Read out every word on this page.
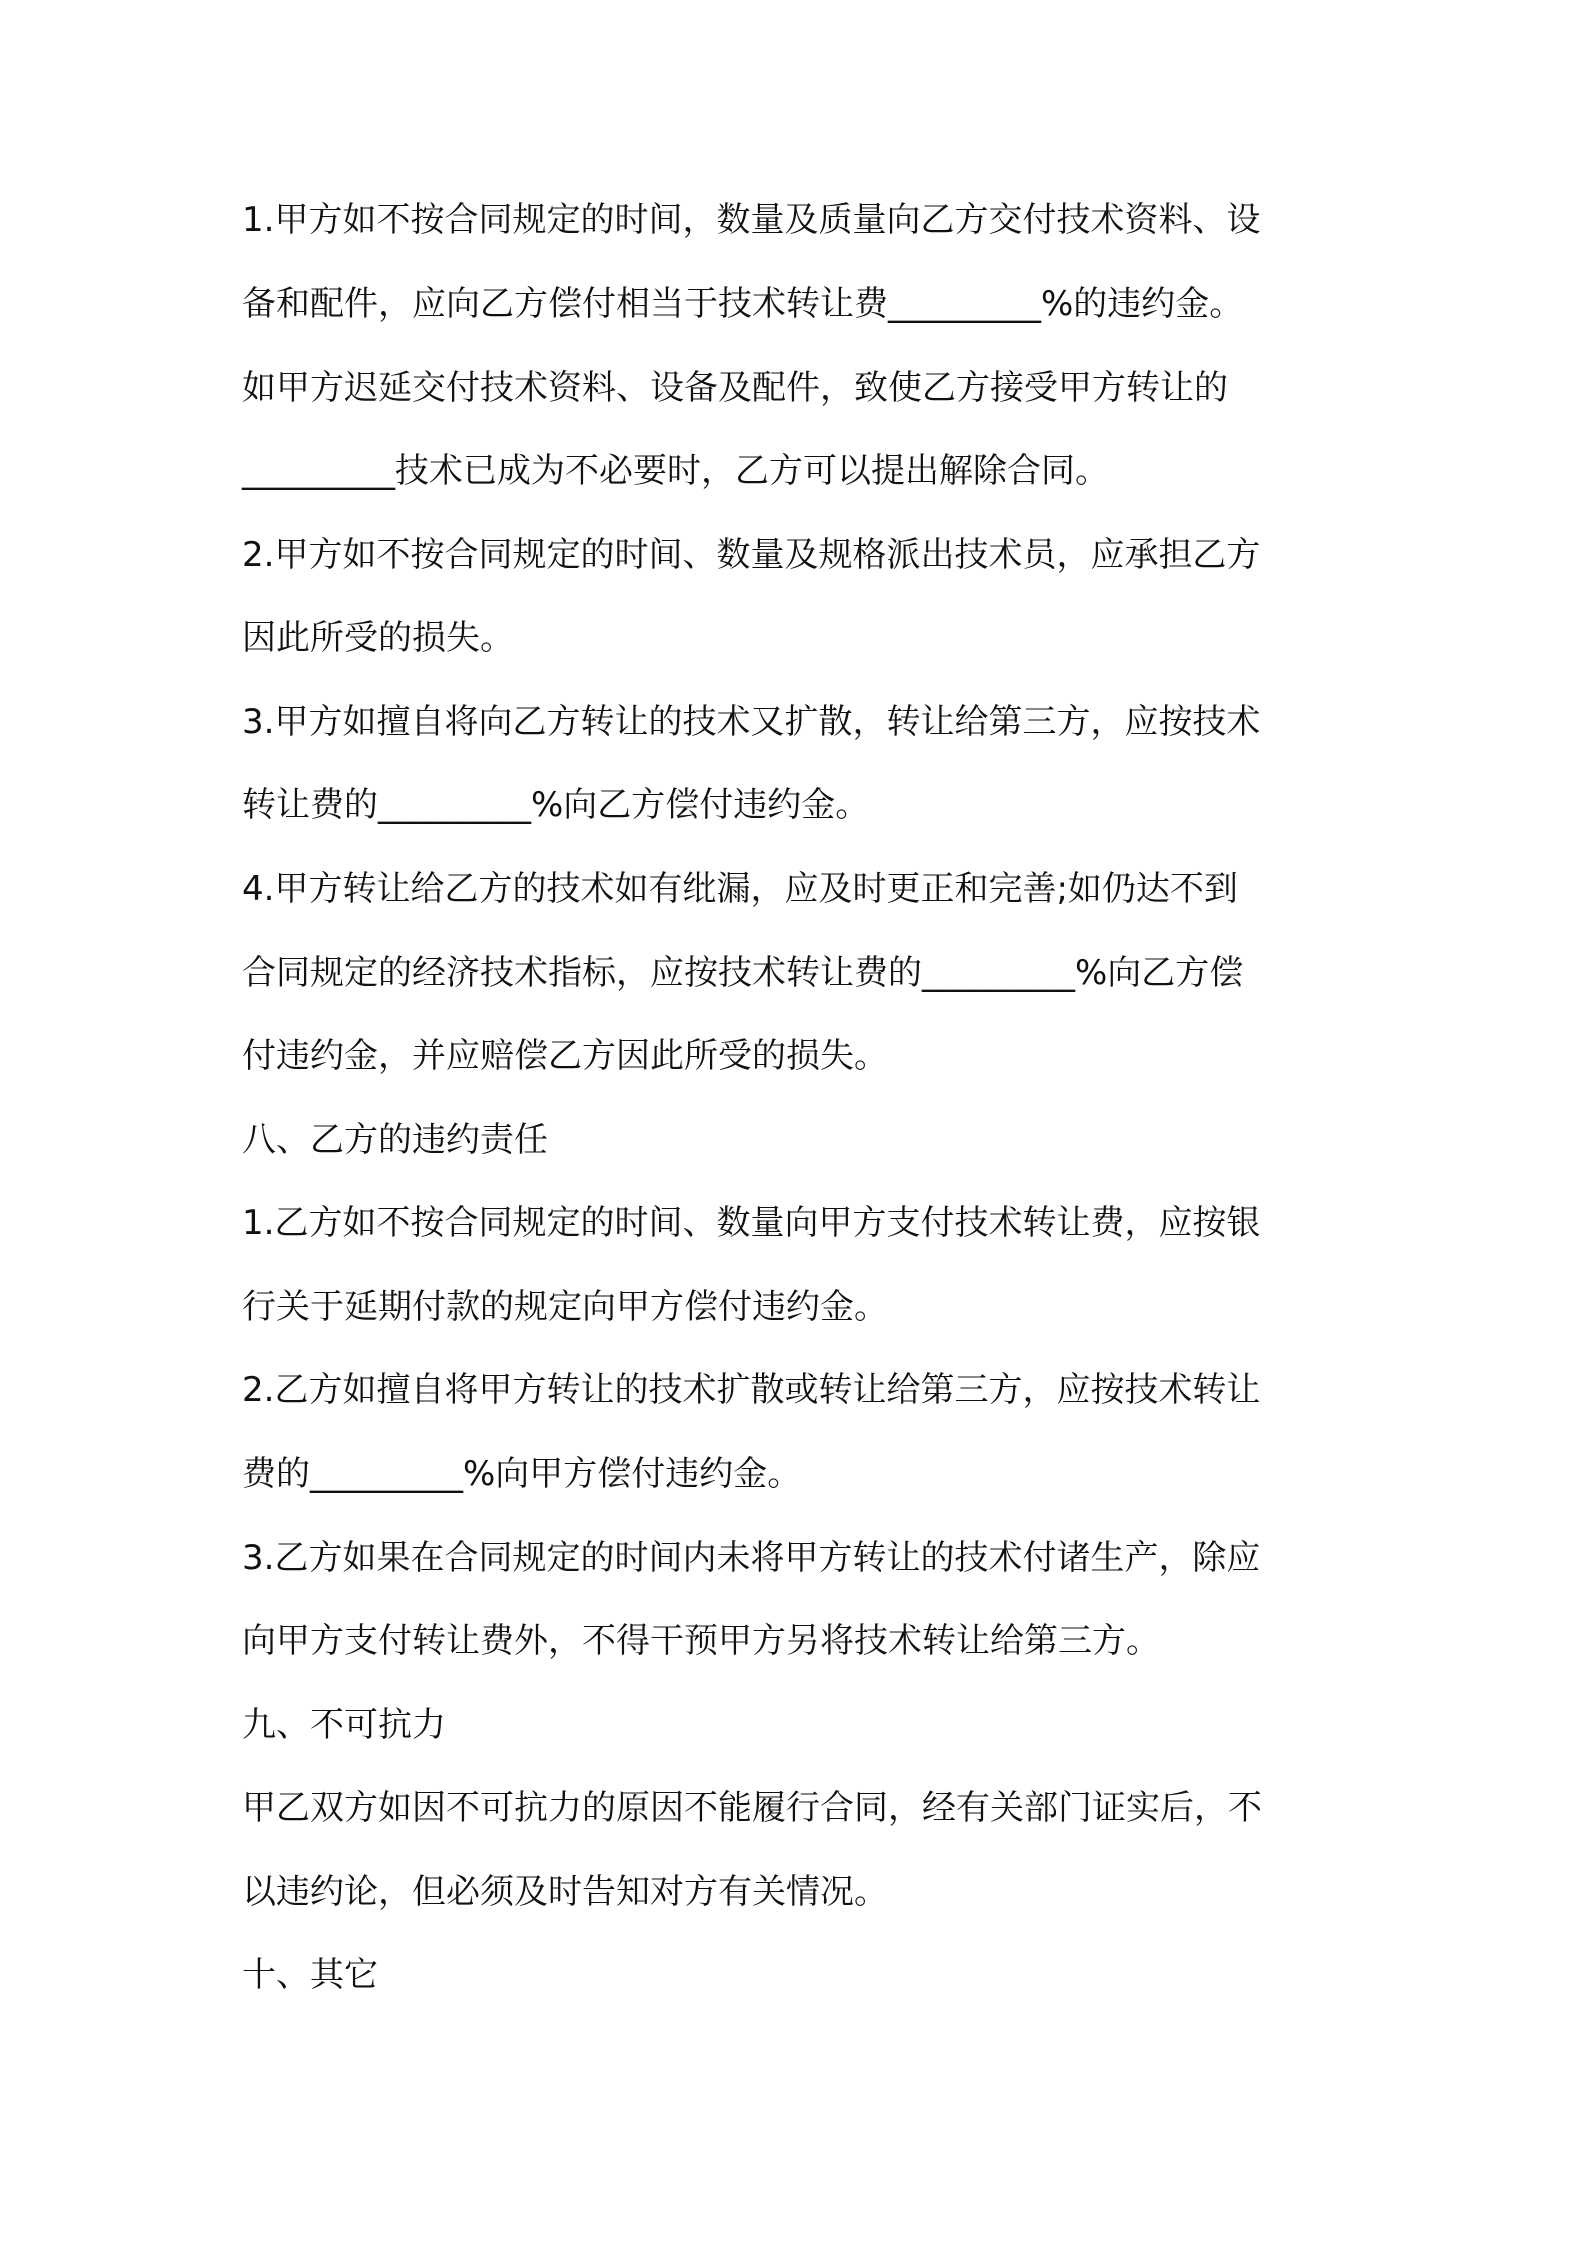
1.甲方如不按合同规定的时间，数量及质量向乙方交付技术资料、设
备和配件，应向乙方偿付相当于技术转让费_________%的违约金。
如甲方迟延交付技术资料、设备及配件，致使乙方接受甲方转让的
_________技术已成为不必要时，乙方可以提出解除合同。
2.甲方如不按合同规定的时间、数量及规格派出技术员，应承担乙方
因此所受的损失。
3.甲方如擅自将向乙方转让的技术又扩散，转让给第三方，应按技术
转让费的_________%向乙方偿付违约金。
4.甲方转让给乙方的技术如有纰漏，应及时更正和完善;如仍达不到
合同规定的经济技术指标，应按技术转让费的_________%向乙方偿
付违约金，并应赔偿乙方因此所受的损失。
八、乙方的违约责任
1.乙方如不按合同规定的时间、数量向甲方支付技术转让费，应按银
行关于延期付款的规定向甲方偿付违约金。
2.乙方如擅自将甲方转让的技术扩散或转让给第三方，应按技术转让
费的_________%向甲方偿付违约金。
3.乙方如果在合同规定的时间内未将甲方转让的技术付诸生产，除应
向甲方支付转让费外，不得干预甲方另将技术转让给第三方。
九、不可抗力
甲乙双方如因不可抗力的原因不能履行合同，经有关部门证实后，不
以违约论，但必须及时告知对方有关情况。
十、其它
